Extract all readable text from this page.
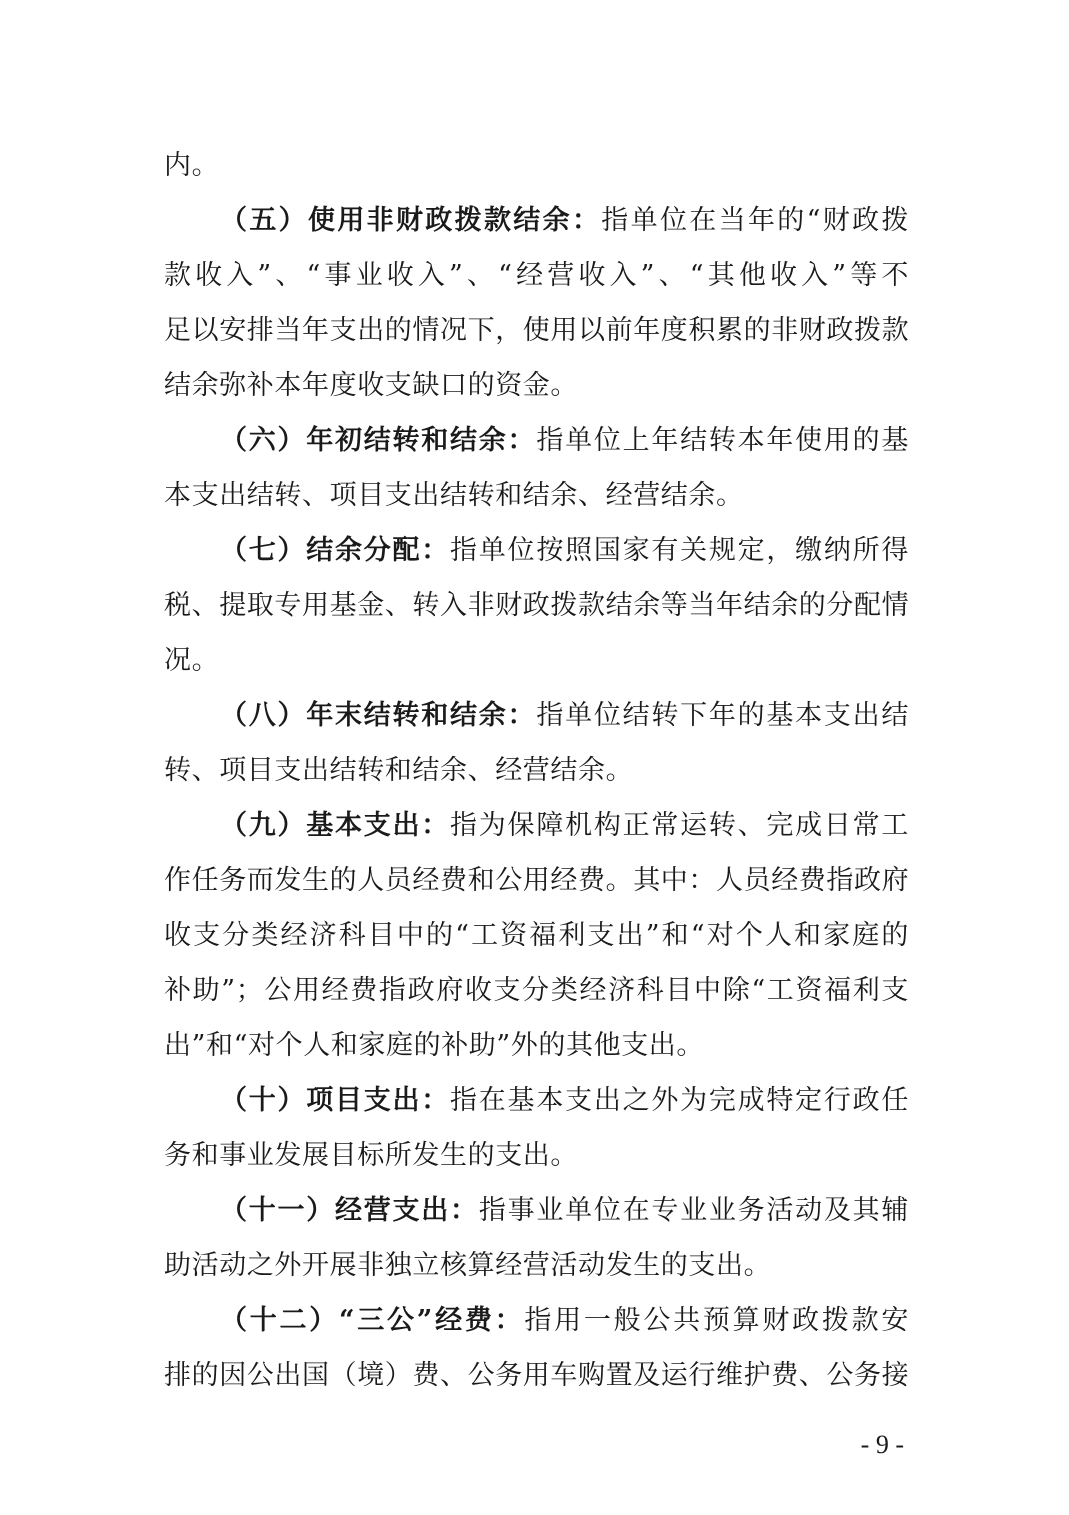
内。
（五）使用非财政拨款结余：指单位在当年的“财政拨
款收入”、“事业收入”、“经营收入”、“其他收入”等不
足以安排当年支出的情况下，使用以前年度积累的非财政拨款
结余弥补本年度收支缺口的资金。
（六）年初结转和结余：指单位上年结转本年使用的基
本支出结转、项目支出结转和结余、经营结余。
（七）结余分配：指单位按照国家有关规定，缴纳所得
税、提取专用基金、转入非财政拨款结余等当年结余的分配情
况。
（八）年末结转和结余：指单位结转下年的基本支出结
转、项目支出结转和结余、经营结余。
（九）基本支出：指为保障机构正常运转、完成日常工
作任务而发生的人员经费和公用经费。其中：人员经费指政府
收支分类经济科目中的“工资福利支出”和“对个人和家庭的
补助”；公用经费指政府收支分类经济科目中除“工资福利支
出”和“对个人和家庭的补助”外的其他支出。
（十）项目支出：指在基本支出之外为完成特定行政任
务和事业发展目标所发生的支出。
（十一）经营支出：指事业单位在专业业务活动及其辅
助活动之外开展非独立核算经营活动发生的支出。
（十二）“三公”经费：指用一般公共预算财政拨款安
排的因公出国（境）费、公务用车购置及运行维护费、公务接
- 9 -
